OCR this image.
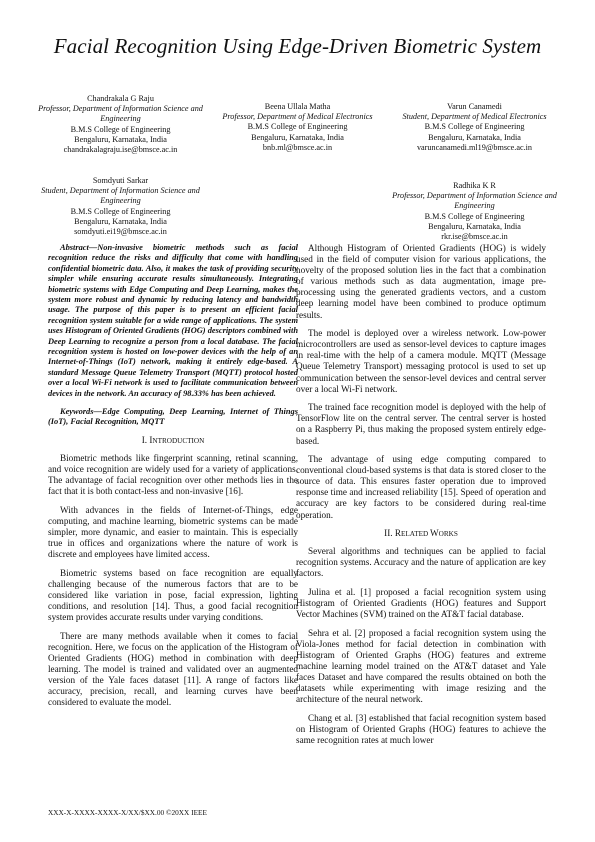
Facial Recognition Using Edge-Driven Biometric System
Chandrakala G Raju
Professor, Department of Information Science and Engineering
B.M.S College of Engineering
Bengaluru, Karnataka, India
chandrakalagraju.ise@bmsce.ac.in
Beena Ullala Matha
Professor, Department of Medical Electronics
B.M.S College of Engineering
Bengaluru, Karnataka, India
bnb.ml@bmsce.ac.in
Varun Canamedi
Student, Department of Medical Electronics
B.M.S College of Engineering
Bengaluru, Karnataka, India
varuncanamedi.ml19@bmsce.ac.in
Somdyuti Sarkar
Student, Department of Information Science and Engineering
B.M.S College of Engineering
Bengaluru, Karnataka, India
somdyuti.ei19@bmsce.ac.in
Radhika K R
Professor, Department of Information Science and Engineering
B.M.S College of Engineering
Bengaluru, Karnataka, India
rkr.ise@bmsce.ac.in

Abstract—Non-invasive biometric methods such as facial recognition reduce the risks and difficulty that come with handling confidential biometric data. Also, it makes the task of providing security simpler while ensuring accurate results simultaneously. Integrating biometric systems with Edge Computing and Deep Learning, makes the system more robust and dynamic by reducing latency and bandwidth usage. The purpose of this paper is to present an efficient facial recognition system suitable for a wide range of applications. The system uses Histogram of Oriented Gradients (HOG) descriptors combined with Deep Learning to recognize a person from a local database. The facial recognition system is hosted on low-power devices with the help of an Internet-of-Things (IoT) network, making it entirely edge-based. A standard Message Queue Telemetry Transport (MQTT) protocol hosted over a local Wi-Fi network is used to facilitate communication between devices in the network. An accuracy of 98.33% has been achieved.

Keywords—Edge Computing, Deep Learning, Internet of Things (IoT), Facial Recognition, MQTT

I. INTRODUCTION

Biometric methods like fingerprint scanning, retinal scanning, and voice recognition are widely used for a variety of applications. The advantage of facial recognition over other methods lies in the fact that it is both contact-less and non-invasive [16].

With advances in the fields of Internet-of-Things, edge computing, and machine learning, biometric systems can be made simpler, more dynamic, and easier to maintain. This is especially true in offices and organizations where the nature of work is discrete and employees have limited access.

Biometric systems based on face recognition are equally challenging because of the numerous factors that are to be considered like variation in pose, facial expression, lighting conditions, and resolution [14]. Thus, a good facial recognition system provides accurate results under varying conditions.

There are many methods available when it comes to facial recognition. Here, we focus on the application of the Histogram of Oriented Gradients (HOG) method in combination with deep learning. The model is trained and validated over an augmented version of the Yale faces dataset [11]. A range of factors like accuracy, precision, recall, and learning curves have been considered to evaluate the model.

Although Histogram of Oriented Gradients (HOG) is widely used in the field of computer vision for various applications, the novelty of the proposed solution lies in the fact that a combination of various methods such as data augmentation, image pre-processing using the generated gradients vectors, and a custom deep learning model have been combined to produce optimum results.

The model is deployed over a wireless network. Low-power microcontrollers are used as sensor-level devices to capture images in real-time with the help of a camera module. MQTT (Message Queue Telemetry Transport) messaging protocol is used to set up communication between the sensor-level devices and central server over a local Wi-Fi network.

The trained face recognition model is deployed with the help of TensorFlow lite on the central server. The central server is hosted on a Raspberry Pi, thus making the proposed system entirely edge-based.

The advantage of using edge computing compared to conventional cloud-based systems is that data is stored closer to the source of data. This ensures faster operation due to improved response time and increased reliability [15]. Speed of operation and accuracy are key factors to be considered during real-time operation.

II. RELATED WORKS

Several algorithms and techniques can be applied to facial recognition systems. Accuracy and the nature of application are key factors.

Julina et al. [1] proposed a facial recognition system using Histogram of Oriented Gradients (HOG) features and Support Vector Machines (SVM) trained on the AT&T facial database.

Sehra et al. [2] proposed a facial recognition system using the Viola-Jones method for facial detection in combination with Histogram of Oriented Graphs (HOG) features and extreme machine learning model trained on the AT&T dataset and Yale faces Dataset and have compared the results obtained on both the datasets while experimenting with image resizing and the architecture of the neural network.

Chang et al. [3] established that facial recognition system based on Histogram of Oriented Graphs (HOG) features to achieve the same recognition rates at much lower

XXX-X-XXXX-XXXX-X/XX/$XX.00 ©20XX IEEE
